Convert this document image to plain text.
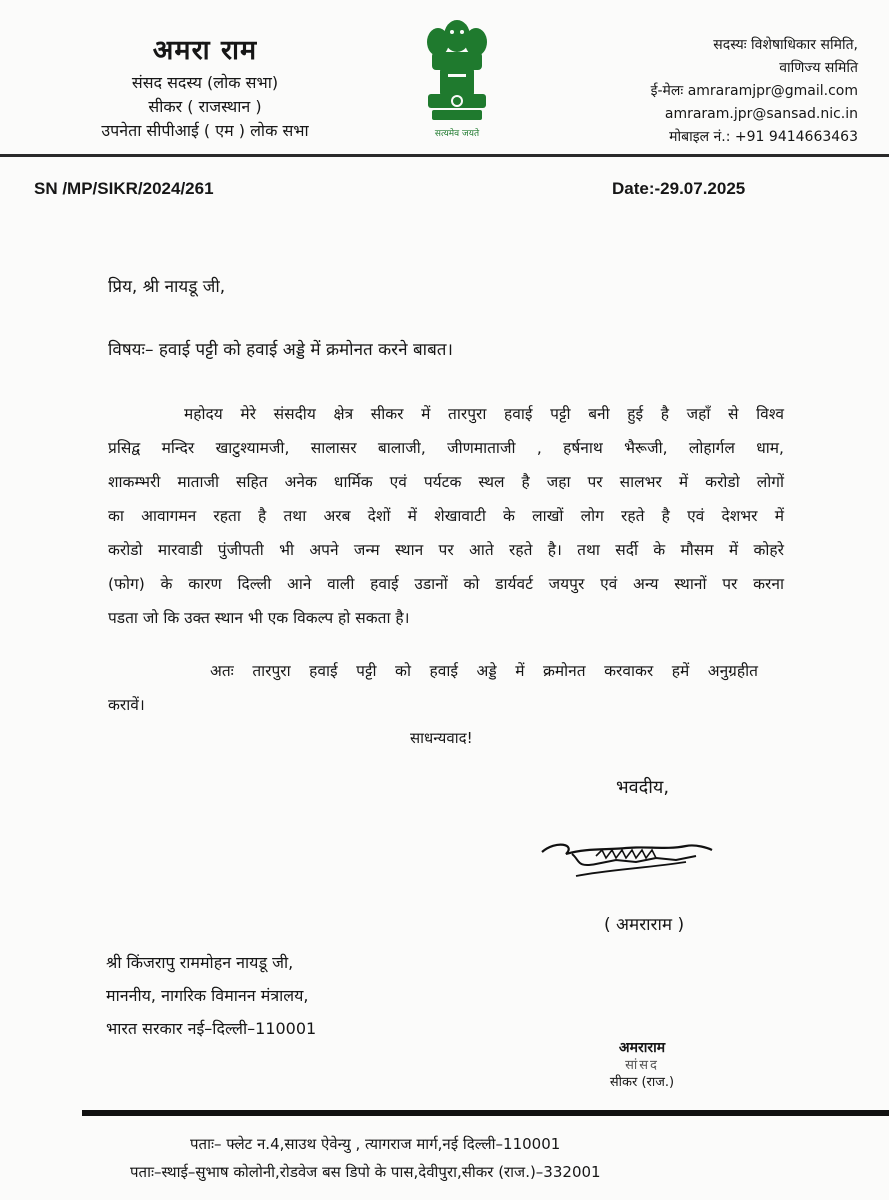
अमरा राम
संसद सदस्य (लोक सभा)
सीकर ( राजस्थान )
उपनेता सीपीआई ( एम ) लोक सभा	सत्यमेव जयते
सदस्यः विशेषाधिकार समिति,
वाणिज्य समिति
ई-मेलः amraramjpr@gmail.com
amraram.jpr@sansad.nic.in
मोबाइल नं.: +91 9414663463
SN /MP/SIKR/2024/261	Date:-29.07.2025
प्रिय, श्री नायडू जी,
विषयः– हवाई पट्टी को हवाई अड्डे में क्रमोनत करने बाबत।
महोदय मेरे संसदीय क्षेत्र सीकर में तारपुरा हवाई पट्टी बनी हुई है जहाँ से विश्व
प्रसिद्व मन्दिर खाटुश्यामजी, सालासर बालाजी, जीणमाताजी , हर्षनाथ भैरूजी, लोहार्गल धाम,
शाकम्भरी माताजी सहित अनेक धार्मिक एवं पर्यटक स्थल है जहा पर सालभर में करोडो लोगों
का आवागमन रहता है तथा अरब देशों में शेखावाटी के लाखों लोग रहते है एवं देशभर में
करोडो मारवाडी पुंजीपती भी अपने जन्म स्थान पर आते रहते है। तथा सर्दी के मौसम में कोहरे
(फोग) के कारण दिल्ली आने वाली हवाई उडानों को डार्यवर्ट जयपुर एवं अन्य स्थानों पर करना
पडता जो कि उक्त स्थान भी एक विकल्प हो सकता है।
अतः तारपुरा हवाई पट्टी को हवाई अड्डे में क्रमोनत करवाकर हमें अनुग्रहीत
करावें।
साधन्यवाद!
भवदीय,
( अमराराम )
श्री किंजरापु राममोहन नायडू जी,
माननीय, नागरिक विमानन मंत्रालय,
भारत सरकार नई–दिल्ली–110001
अमराराम
सांसद
सीकर (राज.)
पताः– फ्लेट न.4,साउथ ऐवेन्यु , त्यागराज मार्ग,नई दिल्ली–110001
पताः–स्थाई–सुभाष कोलोनी,रोडवेज बस डिपो के पास,देवीपुरा,सीकर (राज.)–332001
